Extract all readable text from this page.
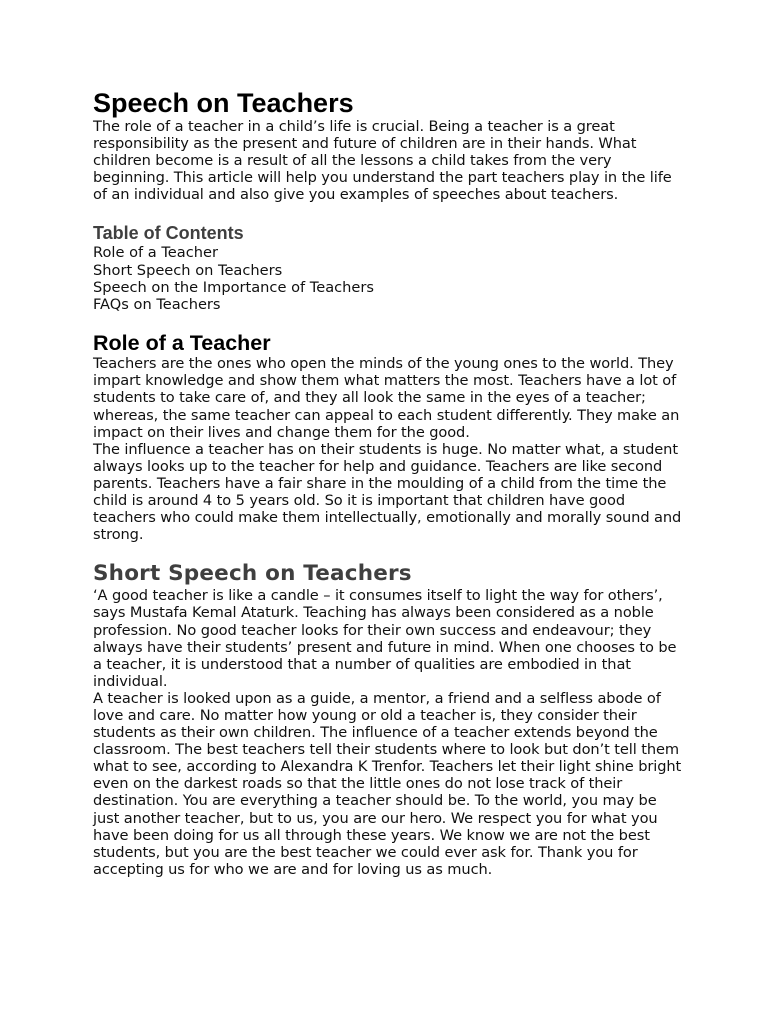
Speech on Teachers

The role of a teacher in a child’s life is crucial. Being a teacher is a great responsibility as the present and future of children are in their hands. What children become is a result of all the lessons a child takes from the very beginning. This article will help you understand the part teachers play in the life of an individual and also give you examples of speeches about teachers.

Table of Contents
Role of a Teacher
Short Speech on Teachers
Speech on the Importance of Teachers
FAQs on Teachers
Role of a Teacher

Teachers are the ones who open the minds of the young ones to the world. They impart knowledge and show them what matters the most. Teachers have a lot of students to take care of, and they all look the same in the eyes of a teacher; whereas, the same teacher can appeal to each student differently. They make an impact on their lives and change them for the good.

The influence a teacher has on their students is huge. No matter what, a student always looks up to the teacher for help and guidance. Teachers are like second parents. Teachers have a fair share in the moulding of a child from the time the child is around 4 to 5 years old. So it is important that children have good teachers who could make them intellectually, emotionally and morally sound and strong.

Short Speech on Teachers

‘A good teacher is like a candle – it consumes itself to light the way for others’, says Mustafa Kemal Ataturk. Teaching has always been considered as a noble profession. No good teacher looks for their own success and endeavour; they always have their students’ present and future in mind. When one chooses to be a teacher, it is understood that a number of qualities are embodied in that individual.

A teacher is looked upon as a guide, a mentor, a friend and a selfless abode of love and care. No matter how young or old a teacher is, they consider their students as their own children. The influence of a teacher extends beyond the classroom. The best teachers tell their students where to look but don’t tell them what to see, according to Alexandra K Trenfor. Teachers let their light shine bright even on the darkest roads so that the little ones do not lose track of their destination. You are everything a teacher should be. To the world, you may be just another teacher, but to us, you are our hero. We respect you for what you have been doing for us all through these years. We know we are not the best students, but you are the best teacher we could ever ask for. Thank you for accepting us for who we are and for loving us as much.
